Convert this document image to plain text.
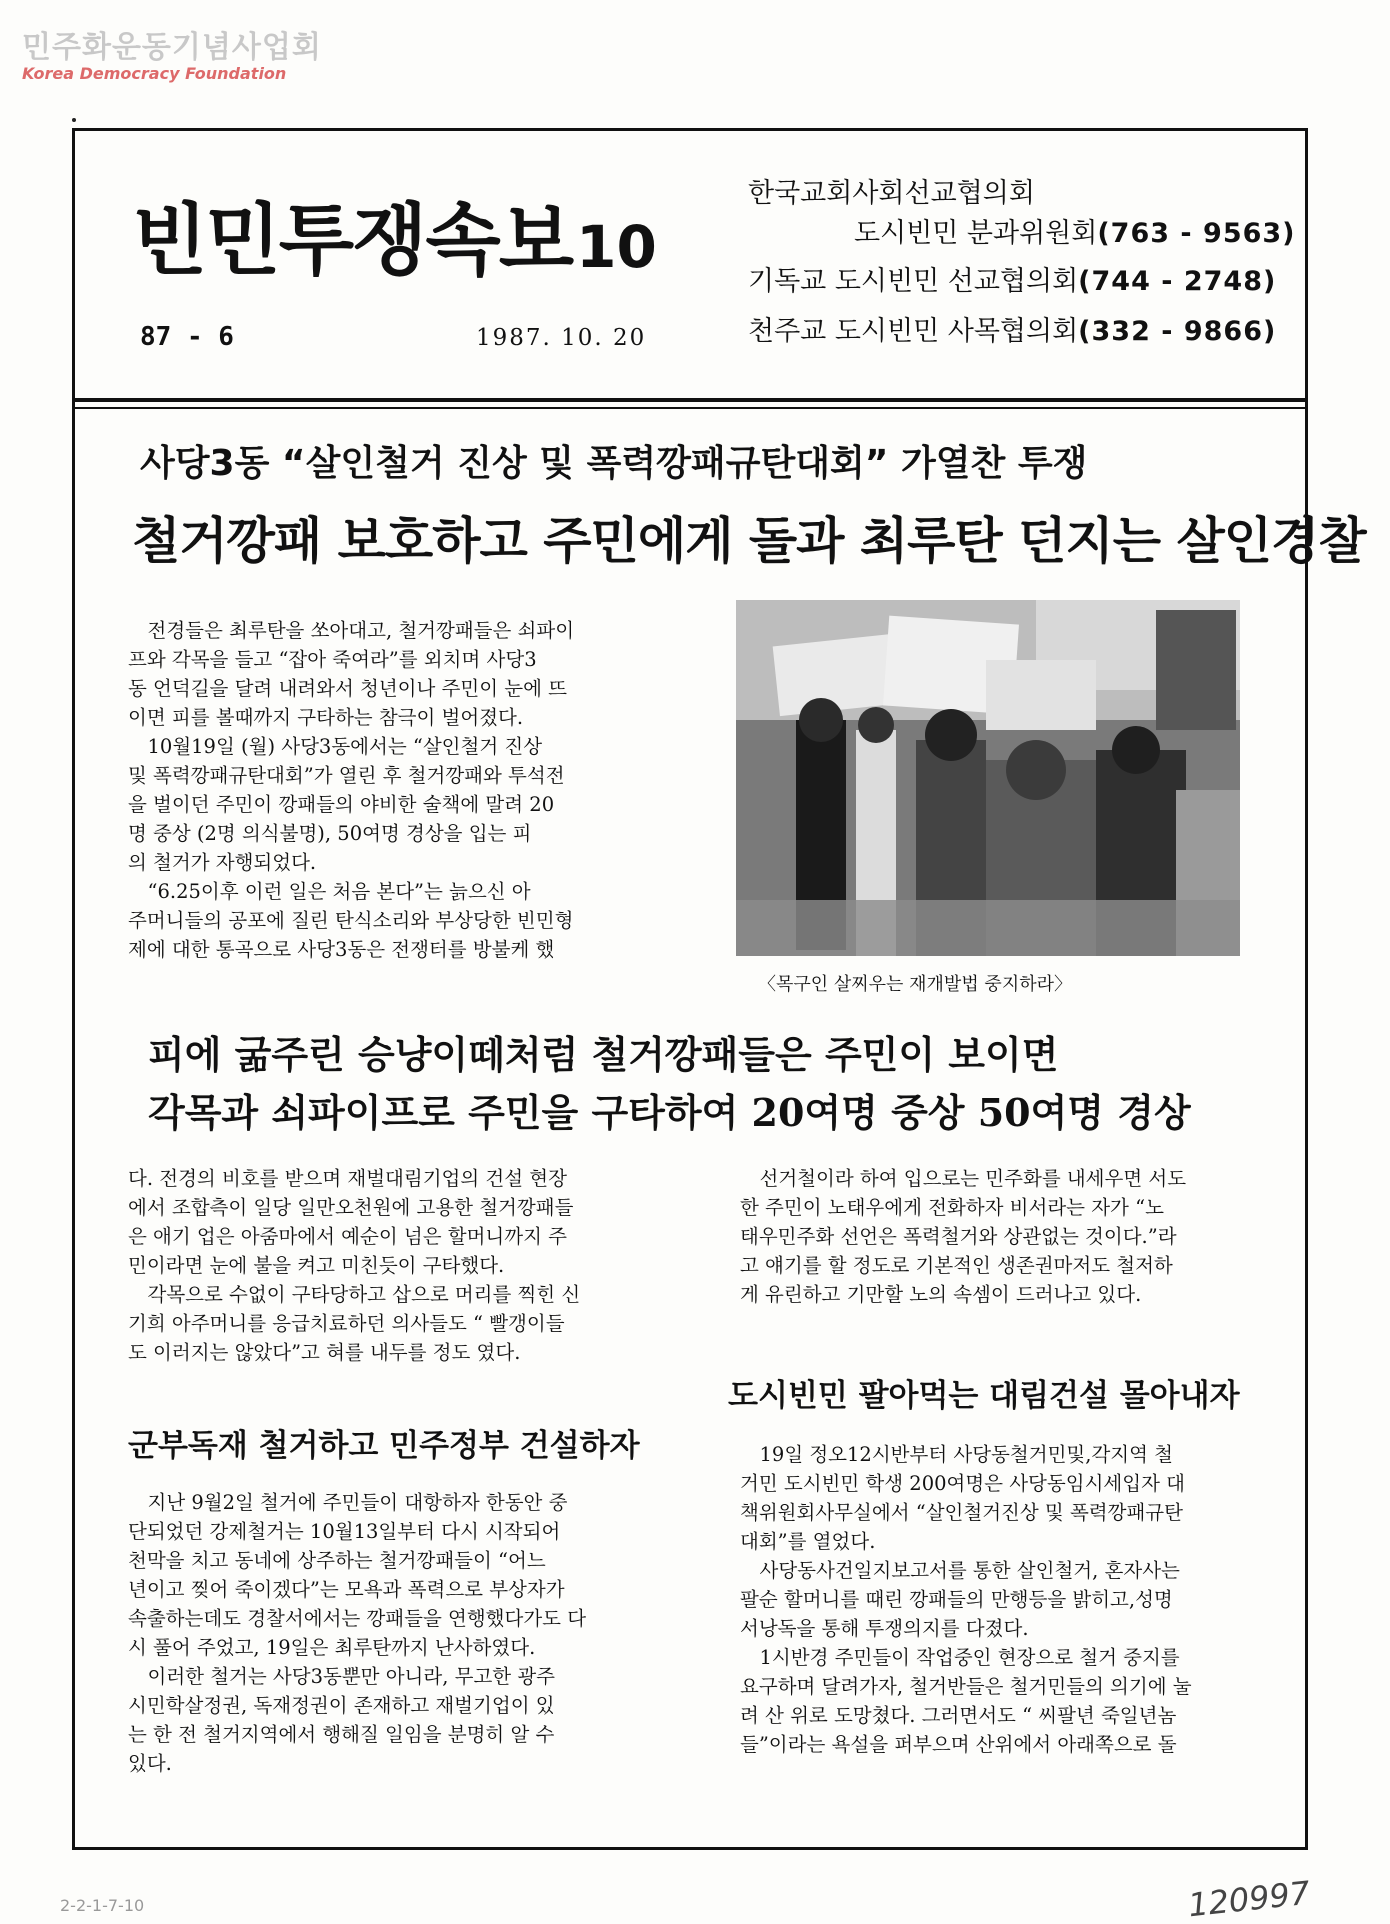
민주화운동기념사업회
Korea Democracy Foundation
빈민투쟁속보10
87 - 6	1987. 10. 20
한국교회사회선교협의회
도시빈민 분과위원회(763 - 9563)
기독교 도시빈민 선교협의회(744 - 2748)
천주교 도시빈민 사목협의회(332 - 9866)
사당3동 “살인철거 진상 및 폭력깡패규탄대회” 가열찬 투쟁
철거깡패 보호하고 주민에게 돌과 최루탄 던지는 살인경찰
　전경들은 최루탄을 쏘아대고, 철거깡패들은 쇠파이
프와 각목을 들고 “잡아 죽여라”를 외치며 사당3
동 언덕길을 달려 내려와서 청년이나 주민이 눈에 뜨
이면 피를 볼때까지 구타하는 참극이 벌어졌다.
　10월19일 (월) 사당3동에서는 “살인철거 진상
및 폭력깡패규탄대회”가 열린 후 철거깡패와 투석전
을 벌이던 주민이 깡패들의 야비한 술책에 말려 20
명 중상 (2명 의식불명), 50여명 경상을 입는 피
의 철거가 자행되었다.
　“6.25이후 이런 일은 처음 본다”는 늙으신 아
주머니들의 공포에 질린 탄식소리와 부상당한 빈민형
제에 대한 통곡으로 사당3동은 전쟁터를 방불케 했
〈목구인 살찌우는 재개발법 중지하라〉
피에 굶주린 승냥이떼처럼 철거깡패들은 주민이 보이면
각목과 쇠파이프로 주민을 구타하여 20여명 중상 50여명 경상
다. 전경의 비호를 받으며 재벌대림기업의 건설 현장
에서 조합측이 일당 일만오천원에 고용한 철거깡패들
은 애기 업은 아줌마에서 예순이 넘은 할머니까지 주
민이라면 눈에 불을 켜고 미친듯이 구타했다.
　각목으로 수없이 구타당하고 삽으로 머리를 찍힌 신
기희 아주머니를 응급치료하던 의사들도 “ 빨갱이들
도 이러지는 않았다”고 혀를 내두를 정도 였다.
　선거철이라 하여 입으로는 민주화를 내세우면 서도
한 주민이 노태우에게 전화하자 비서라는 자가 “노
태우민주화 선언은 폭력철거와 상관없는 것이다.”라
고 얘기를 할 정도로 기본적인 생존권마저도 철저하
게 유린하고 기만할 노의 속셈이 드러나고 있다.
도시빈민 팔아먹는 대림건설 몰아내자
군부독재 철거하고 민주정부 건설하자
　지난 9월2일 철거에 주민들이 대항하자 한동안 중
단되었던 강제철거는 10월13일부터 다시 시작되어
천막을 치고 동네에 상주하는 철거깡패들이 “어느
년이고 찢어 죽이겠다”는 모욕과 폭력으로 부상자가
속출하는데도 경찰서에서는 깡패들을 연행했다가도 다
시 풀어 주었고, 19일은 최루탄까지 난사하였다.
　이러한 철거는 사당3동뿐만 아니라, 무고한 광주
시민학살정권, 독재정권이 존재하고 재벌기업이 있
는 한 전 철거지역에서 행해질 일임을 분명히 알 수
있다.
　19일 정오12시반부터 사당동철거민및,각지역 철
거민 도시빈민 학생 200여명은 사당동임시세입자 대
책위원회사무실에서 “살인철거진상 및 폭력깡패규탄
대회”를 열었다.
　사당동사건일지보고서를 통한 살인철거, 혼자사는
팔순 할머니를 때린 깡패들의 만행등을 밝히고,성명
서낭독을 통해 투쟁의지를 다졌다.
　1시반경 주민들이 작업중인 현장으로 철거 중지를
요구하며 달려가자, 철거반들은 철거민들의 의기에 눌
려 산 위로 도망쳤다. 그러면서도 “ 씨팔년 죽일년놈
들”이라는 욕설을 퍼부으며 산위에서 아래쪽으로 돌
120997
2-2-1-7-10
